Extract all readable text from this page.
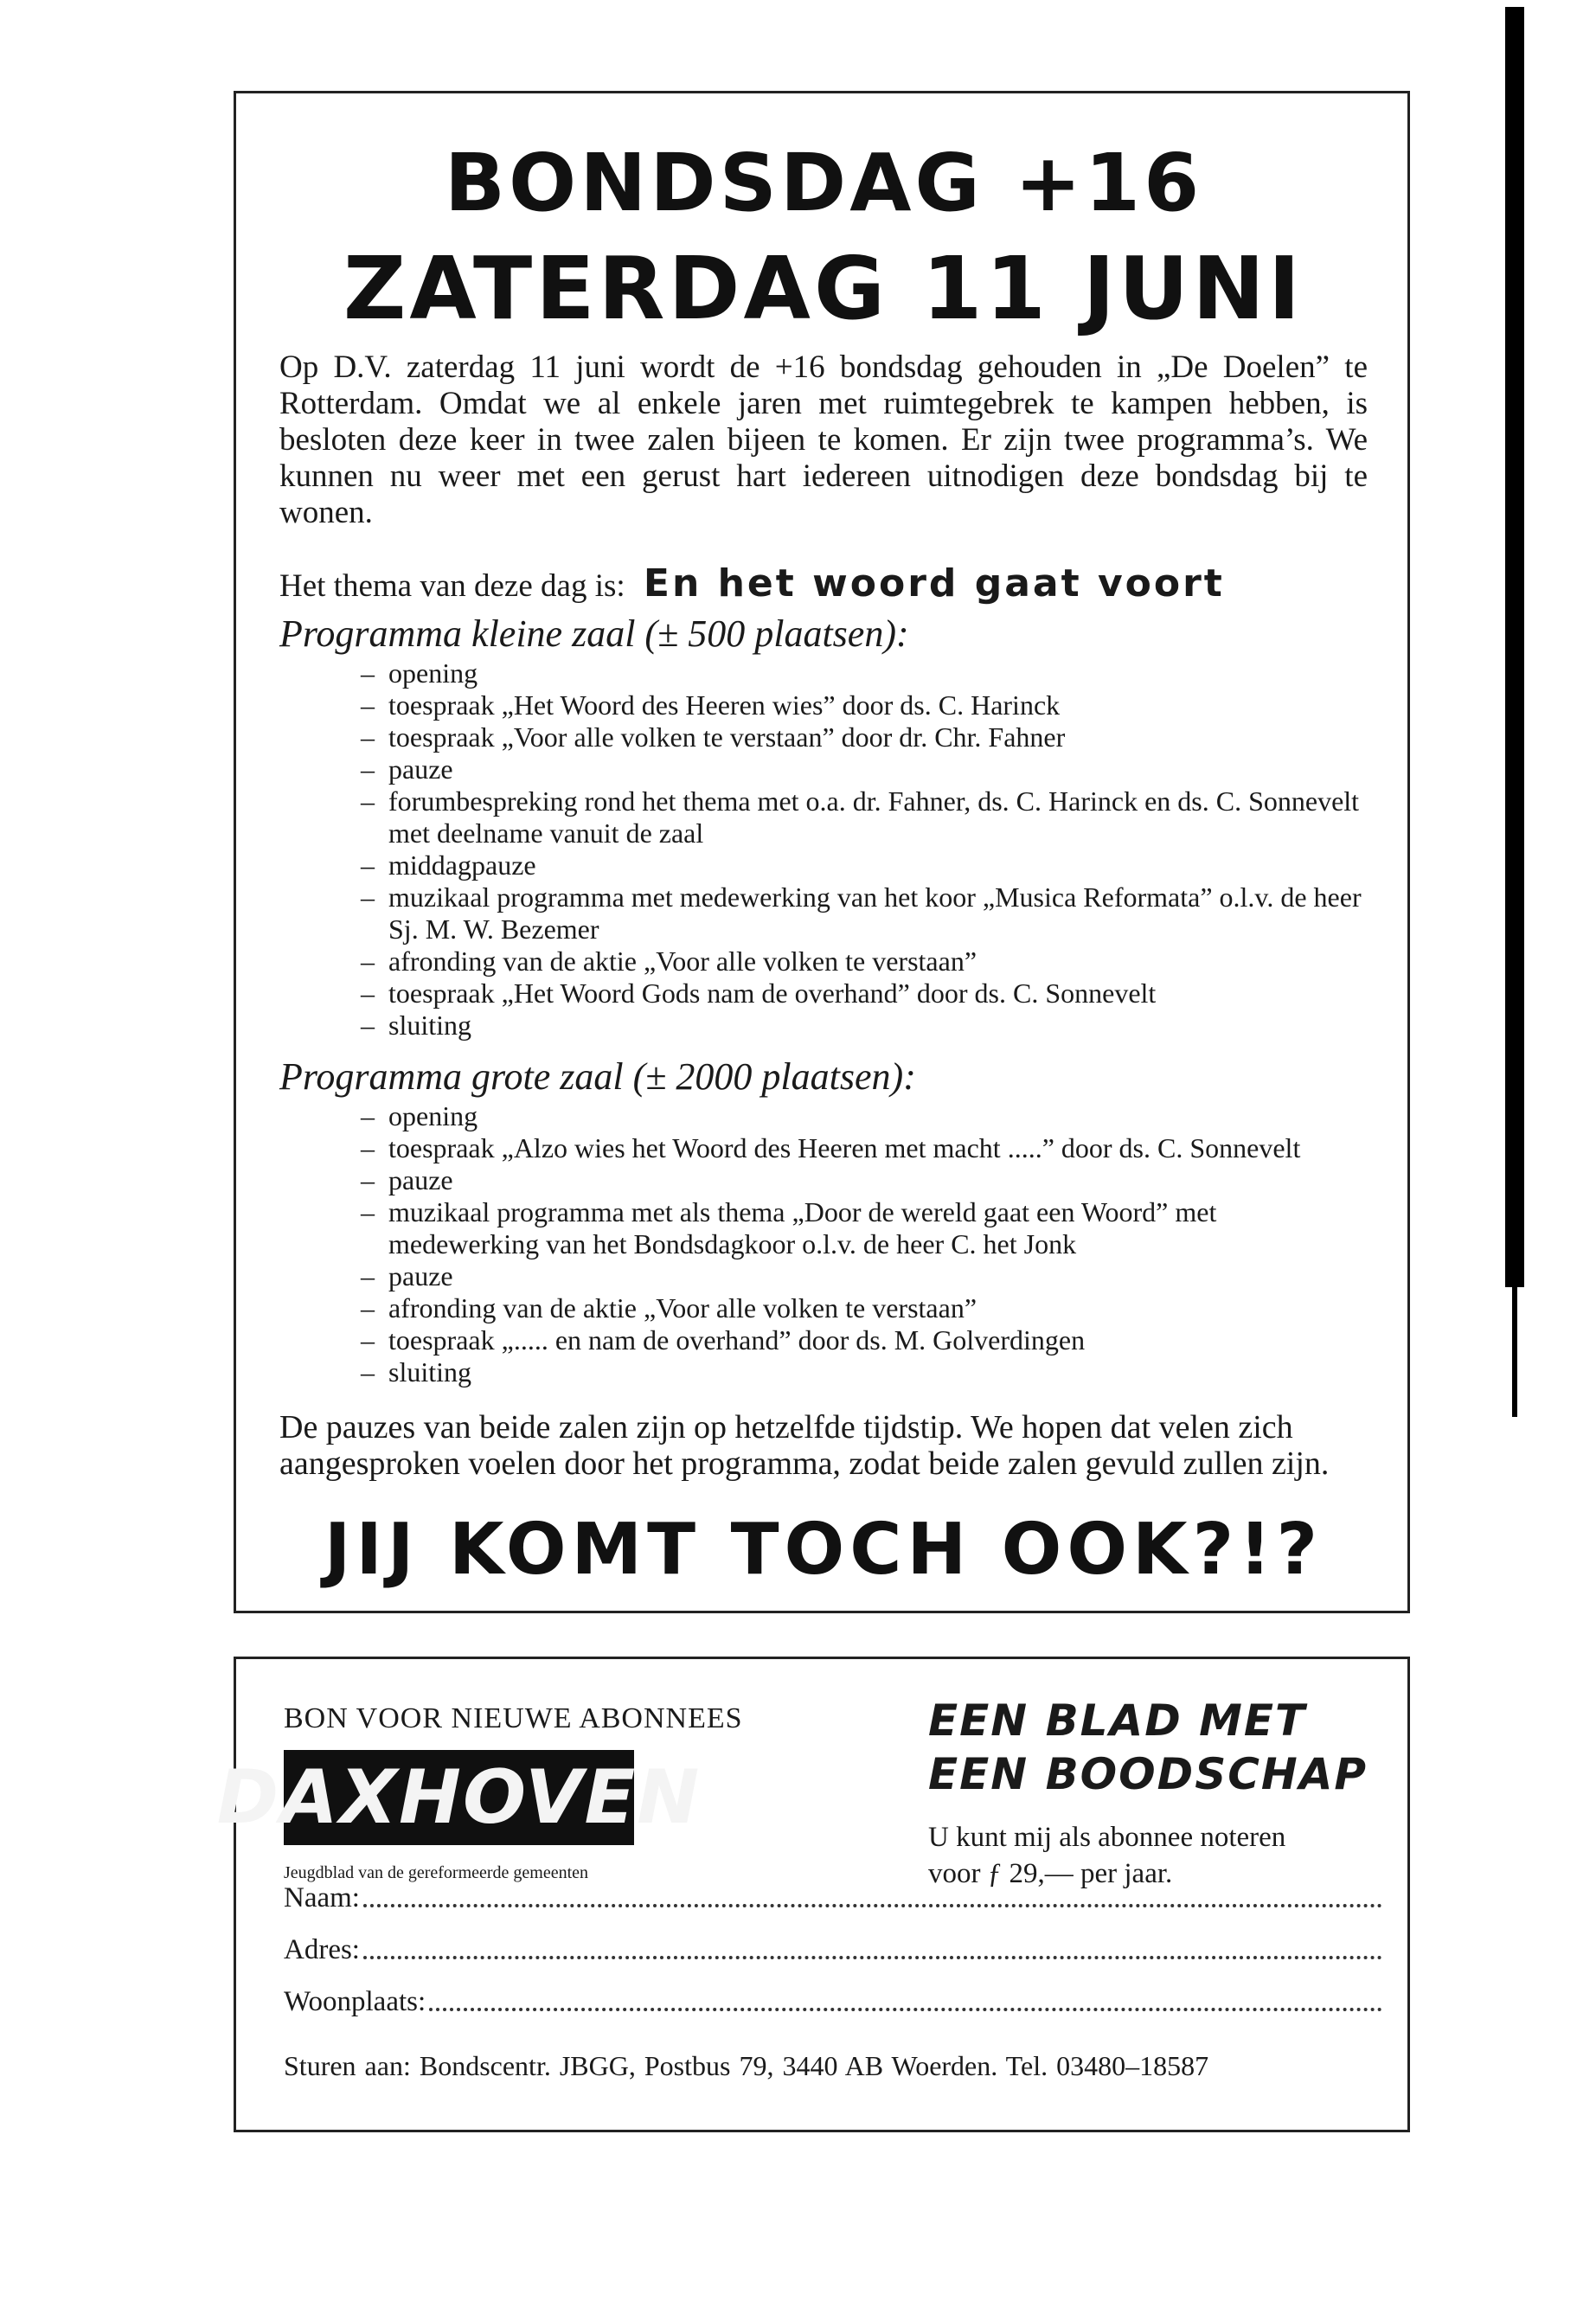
BONDSDAG +16
ZATERDAG 11 JUNI

Op D.V. zaterdag 11 juni wordt de +16 bondsdag gehouden in „De Doelen” te Rotterdam. Omdat we al enkele jaren met ruimtegebrek te kampen hebben, is besloten deze keer in twee zalen bijeen te komen. Er zijn twee programma’s. We kunnen nu weer met een gerust hart iedereen uitnodigen deze bondsdag bij te wonen.

Het thema van deze dag is: En het woord gaat voort
Programma kleine zaal (± 500 plaatsen):
– opening
– toespraak „Het Woord des Heeren wies” door ds. C. Harinck
– toespraak „Voor alle volken te verstaan” door dr. Chr. Fahner
– pauze
– forumbespreking rond het thema met o.a. dr. Fahner, ds. C. Harinck en ds. C. Sonnevelt met deelname vanuit de zaal
– middagpauze
– muzikaal programma met medewerking van het koor „Musica Reformata” o.l.v. de heer Sj. M. W. Bezemer
– afronding van de aktie „Voor alle volken te verstaan”
– toespraak „Het Woord Gods nam de overhand” door ds. C. Sonnevelt
– sluiting
Programma grote zaal (± 2000 plaatsen):
– opening
– toespraak „Alzo wies het Woord des Heeren met macht .....” door ds. C. Sonnevelt
– pauze
– muzikaal programma met als thema „Door de wereld gaat een Woord” met medewerking van het Bondsdagkoor o.l.v. de heer C. het Jonk
– pauze
– afronding van de aktie „Voor alle volken te verstaan”
– toespraak „..... en nam de overhand” door ds. M. Golverdingen
– sluiting

De pauzes van beide zalen zijn op hetzelfde tijdstip. We hopen dat velen zich aangesproken voelen door het programma, zodat beide zalen gevuld zullen zijn.

JIJ KOMT TOCH OOK?!?
BON VOOR NIEUWE ABONNEES
DAXHOVEN
Jeugdblad van de gereformeerde gemeenten
EEN BLAD MET
EEN BOODSCHAP
U kunt mij als abonnee noteren
voor ƒ 29,— per jaar.
Naam:
Adres:
Woonplaats:
Sturen aan: Bondscentr. JBGG, Postbus 79, 3440 AB Woerden. Tel. 03480–18587
